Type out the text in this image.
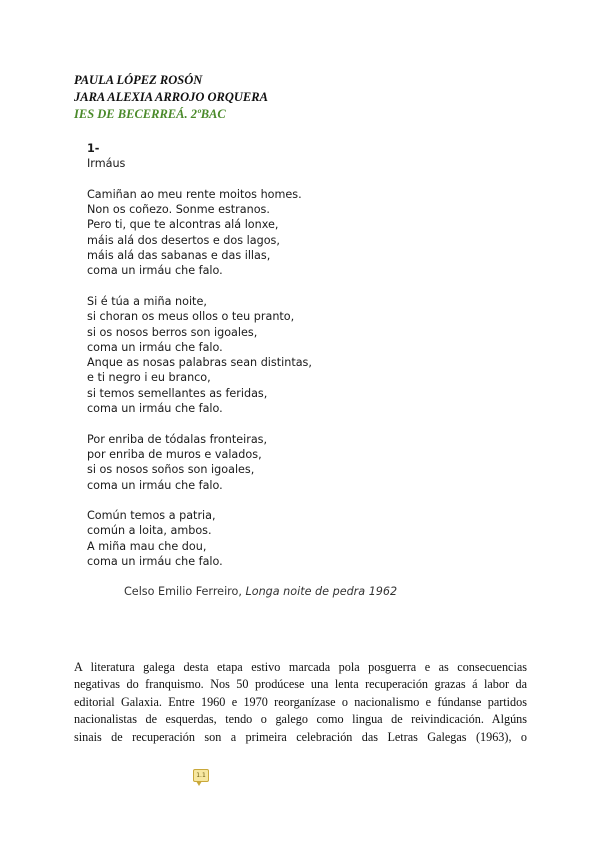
PAULA LÓPEZ ROSÓN
JARA ALEXIA ARROJO ORQUERA
IES DE BECERREÁ. 2ºBAC
1-
Irmáus
Camiñan ao meu rente moitos homes.
Non os coñezo. Sonme estranos.
Pero ti, que te alcontras alá lonxe,
máis alá dos desertos e dos lagos,
máis alá das sabanas e das illas,
coma un irmáu che falo.
Si é túa a miña noite,
si choran os meus ollos o teu pranto,
si os nosos berros son igoales,
coma un irmáu che falo.
Anque as nosas palabras sean distintas,
e ti negro i eu branco,
si temos semellantes as feridas,
coma un irmáu che falo.
Por enriba de tódalas fronteiras,
por enriba de muros e valados,
si os nosos soños son igoales,
coma un irmáu che falo.
Común temos a patria,
común a loita, ambos.
A miña mau che dou,
coma un irmáu che falo.
Celso Emilio Ferreiro, Longa noite de pedra 1962
A literatura galega desta etapa estivo marcada pola posguerra e as consecuencias
negativas do franquismo. Nos 50 prodúcese una lenta recuperación grazas á labor da
editorial Galaxia. Entre 1960 e 1970 reorganízase o nacionalismo e fúndanse partidos
nacionalistas de esquerdas, tendo o galego como lingua de reivindicación. Algúns
sinais de recuperación son a primeira celebración das Letras Galegas (1963), o
1.1
